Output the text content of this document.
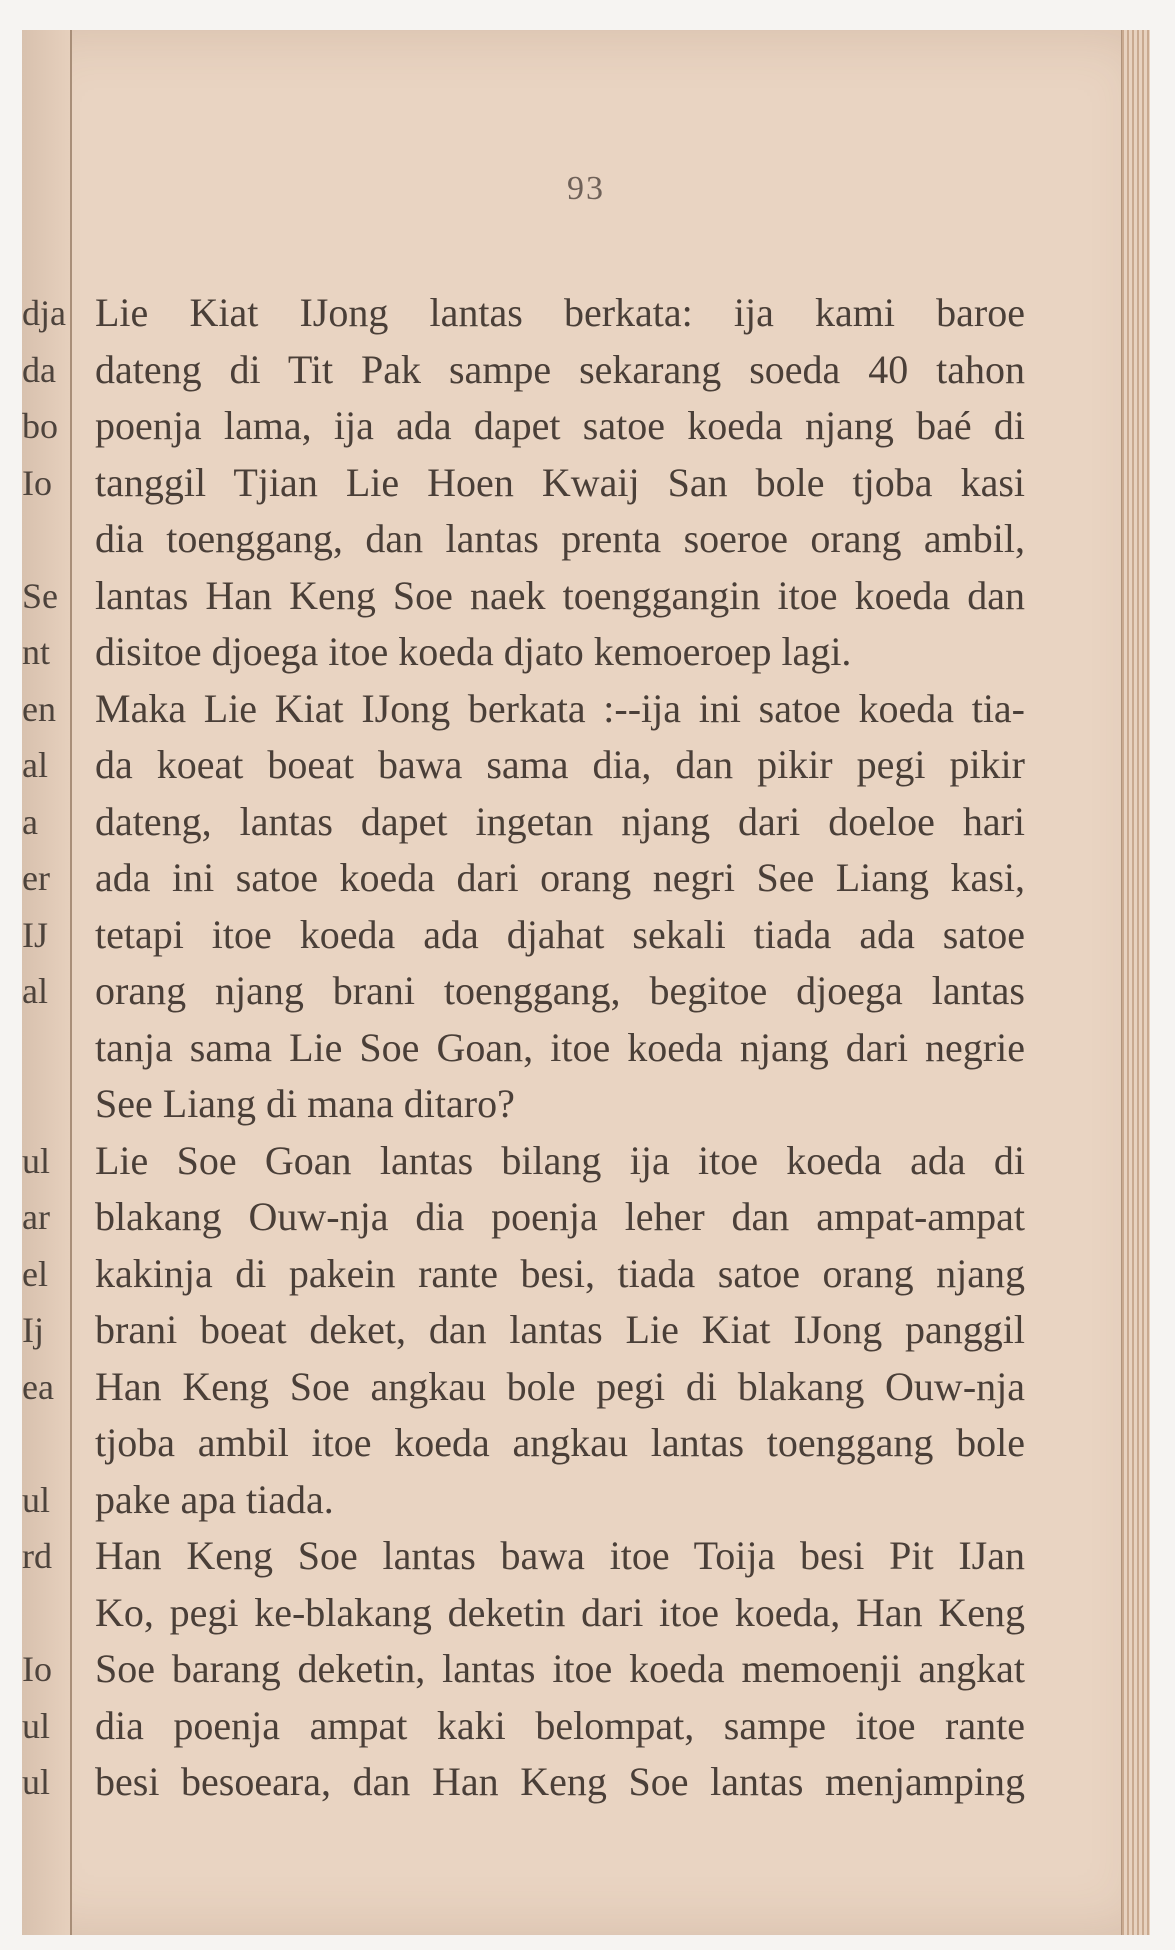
93
dja
da
bo
Io
Se
nt
en
al
a
er
IJ
al
ul
ar
el
Ij
ea
ul
rd
Io
ul
ul
Lie Kiat IJong lantas berkata: ija kami baroe
dateng di Tit Pak sampe sekarang soeda 40 tahon
poenja lama, ija ada dapet satoe koeda njang baé di
tanggil Tjian Lie Hoen Kwaij San bole tjoba kasi
dia toenggang, dan lantas prenta soeroe orang ambil,
lantas Han Keng Soe naek toenggangin itoe koeda dan
disitoe djoega itoe koeda djato kemoeroep lagi.
Maka Lie Kiat IJong berkata :--ija ini satoe koeda tia-
da koeat boeat bawa sama dia, dan pikir pegi pikir
dateng, lantas dapet ingetan njang dari doeloe hari
ada ini satoe koeda dari orang negri See Liang kasi,
tetapi itoe koeda ada djahat sekali tiada ada satoe
orang njang brani toenggang, begitoe djoega lantas
tanja sama Lie Soe Goan, itoe koeda njang dari negrie
See Liang di mana ditaro?
Lie Soe Goan lantas bilang ija itoe koeda ada di
blakang Ouw-nja dia poenja leher dan ampat-ampat
kakinja di pakein rante besi, tiada satoe orang njang
brani boeat deket, dan lantas Lie Kiat IJong panggil
Han Keng Soe angkau bole pegi di blakang Ouw-nja
tjoba ambil itoe koeda angkau lantas toenggang bole
pake apa tiada.
Han Keng Soe lantas bawa itoe Toija besi Pit IJan
Ko, pegi ke-blakang deketin dari itoe koeda, Han Keng
Soe barang deketin, lantas itoe koeda memoenji angkat
dia poenja ampat kaki belompat, sampe itoe rante
besi besoeara, dan Han Keng Soe lantas menjamping
